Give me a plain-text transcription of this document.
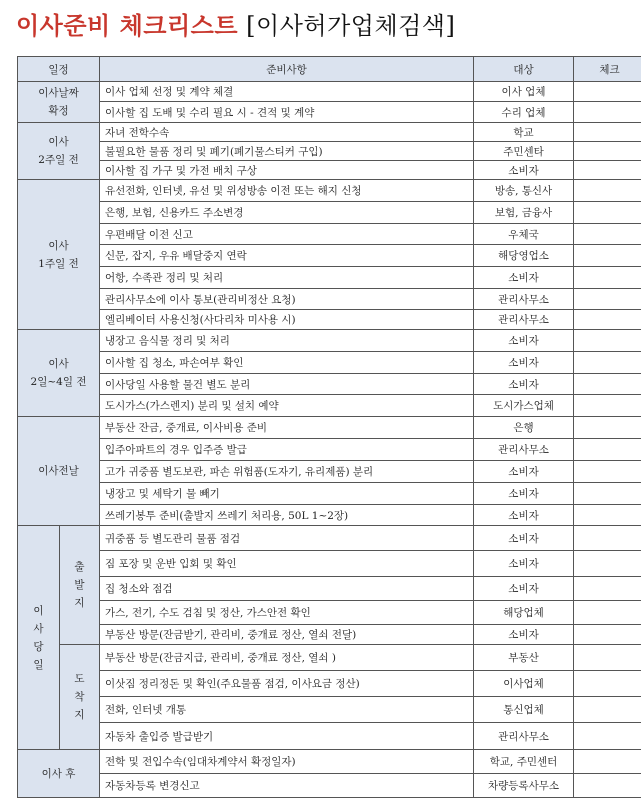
이사준비 체크리스트 [이사허가업체검색]
일정		준비사항	대상	체크

이사날짜
확정		이사 업체 선정 및 계약 체결	이사 업체	
		이사할 집 도배 및 수리 필요 시 - 견적 및 계약	수리 업체	

이사
2주일 전		자녀 전학수속	학교	
		불필요한 물품 정리 및 폐기(폐기물스티커 구입)	주민센타	
		이사할 집 가구 및 가전 배치 구상	소비자	

이사
1주일 전		유선전화, 인터넷, 유선 및 위성방송 이전 또는 해지 신청	방송, 통신사	
		은행, 보험, 신용카드 주소변경	보험, 금융사	
		우편배달 이전 신고	우체국	
		신문, 잡지, 우유 배달중지 연락	해당영업소	
		어항, 수족관 정리 및 처리	소비자	
		관리사무소에 이사 통보(관리비정산 요청)	관리사무소	
		엘리베이터 사용신청(사다리차 미사용 시)	관리사무소	

이사
2일~4일 전		냉장고 음식물 정리 및 처리	소비자	
		이사할 집 청소, 파손여부 확인	소비자	
		이사당일 사용할 물건 별도 분리	소비자	
		도시가스(가스렌지) 분리 및 설치 예약	도시가스업체	

이사전날		부동산 잔금, 중개료, 이사비용 준비	은행	
		입주아파트의 경우 입주증 발급	관리사무소	
		고가 귀중품 별도보관, 파손 위험품(도자기, 유리제품) 분리	소비자	
		냉장고 및 세탁기 물 빼기	소비자	
		쓰레기봉투 준비(출발지 쓰레기 처리용, 50L 1~2장)	소비자	

이
사
당
일	출
발
지	귀중품 등 별도관리 물품 점검	소비자	
		짐 포장 및 운반 입회 및 확인	소비자	
		집 청소와 점검	소비자	
		가스, 전기, 수도 검침 및 정산, 가스안전 확인	해당업체	
		부동산 방문(잔금받기, 관리비, 중개료 정산, 열쇠 전달)	소비자	

	도
착
지	부동산 방문(잔금지급, 관리비, 중개료 정산, 열쇠 )	부동산	
		이삿짐 정리정돈 및 확인(주요물품 점검, 이사요금 정산)	이사업체	
		전화, 인터넷 개통	통신업체	
		자동차 출입증 발급받기	관리사무소	

이사 후		전학 및 전입수속(임대차계약서 확정일자)	학교, 주민센터	
		자동차등록 변경신고	차량등록사무소	
